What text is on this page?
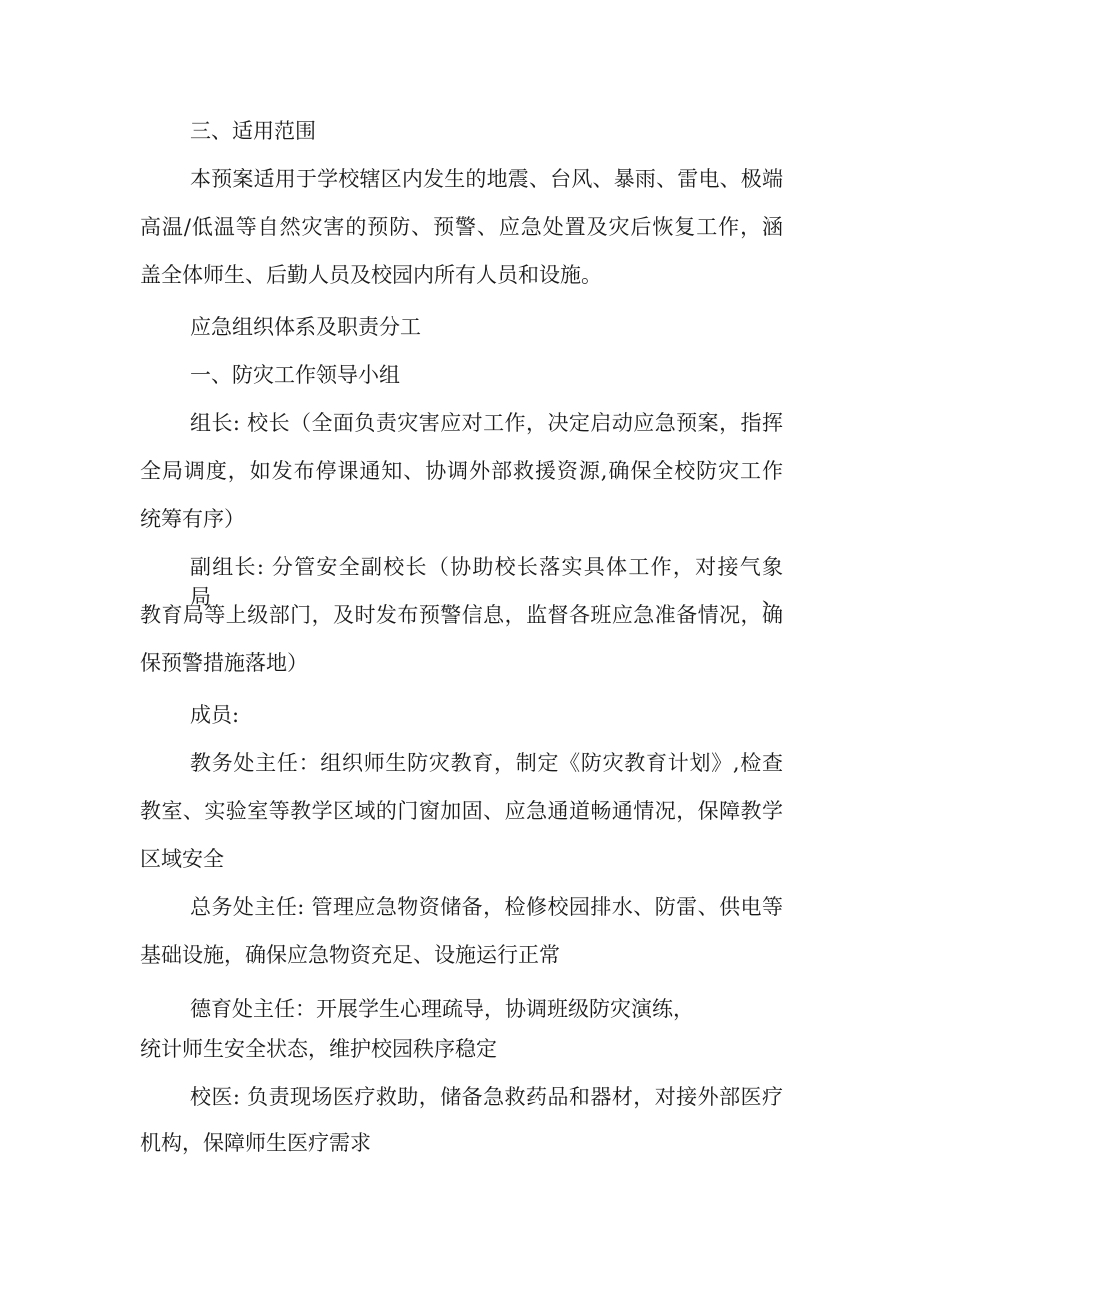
三、适用范围

本预案适用于学校辖区内发生的地震、台风、暴雨、雷电、极端

高温/低温等自然灾害的预防、预警、应急处置及灾后恢复工作，涵

盖全体师生、后勤人员及校园内所有人员和设施。

应急组织体系及职责分工

一、防灾工作领导小组

组长: 校长（全面负责灾害应对工作，决定启动应急预案，指挥

全局调度，如发布停课通知、协调外部救援资源,确保全校防灾工作

统筹有序）

副组长: 分管安全副校长（协助校长落实具体工作，对接气象局、

教育局等上级部门，及时发布预警信息，监督各班应急准备情况，确

保预警措施落地）

成员:

教务处主任：组织师生防灾教育，制定《防灾教育计划》,检查

教室、实验室等教学区域的门窗加固、应急通道畅通情况，保障教学

区域安全

总务处主任: 管理应急物资储备，检修校园排水、防雷、供电等

基础设施，确保应急物资充足、设施运行正常

德育处主任：开展学生心理疏导，协调班级防灾演练，

统计师生安全状态，维护校园秩序稳定

校医: 负责现场医疗救助，储备急救药品和器材，对接外部医疗

机构，保障师生医疗需求
